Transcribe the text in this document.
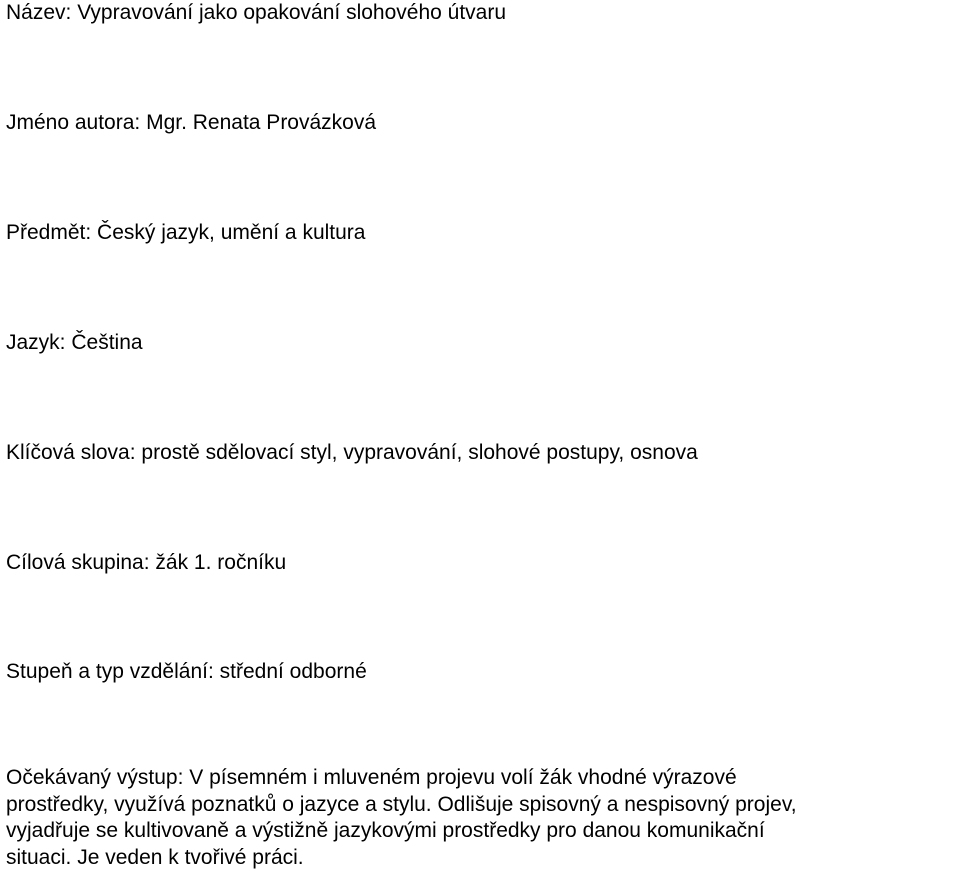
Název: Vypravování jako opakování slohového útvaru
Jméno autora: Mgr. Renata Provázková
Předmět: Český jazyk, umění a kultura
Jazyk: Čeština
Klíčová slova: prostě sdělovací styl, vypravování, slohové postupy, osnova
Cílová skupina: žák 1. ročníku
Stupeň a typ vzdělání: střední odborné
Očekávaný výstup: V písemném i mluveném projevu volí žák vhodné výrazové
prostředky, využívá poznatků o jazyce a stylu. Odlišuje spisovný a nespisovný projev,
vyjadřuje se kultivovaně a výstižně jazykovými prostředky pro danou komunikační
situaci. Je veden k tvořivé práci.
